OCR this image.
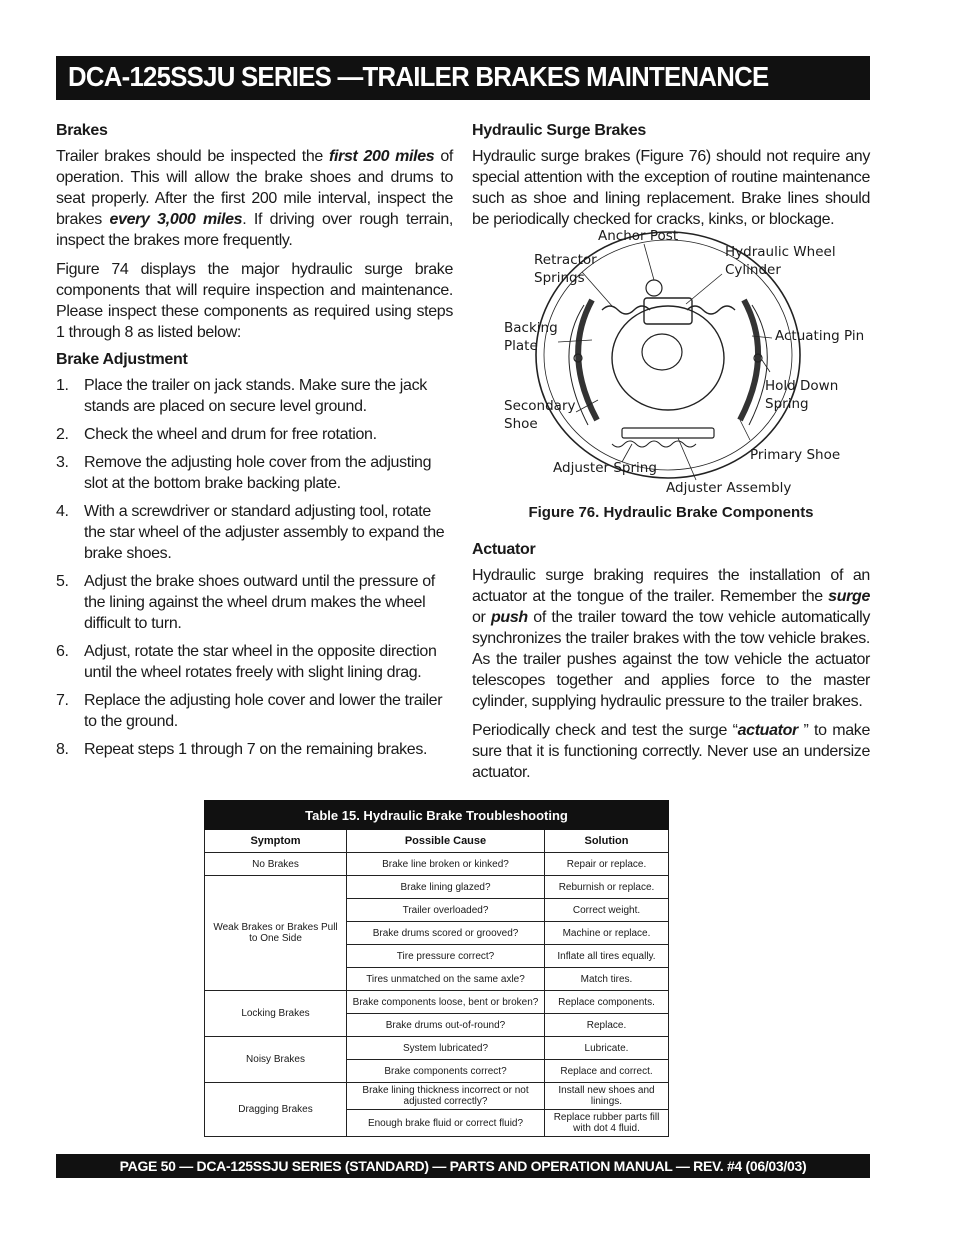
DCA-125SSJU SERIES —TRAILER BRAKES MAINTENANCE
Brakes

Trailer brakes should be inspected the first 200 miles of operation. This will allow the brake shoes and drums to seat properly. After the first 200 mile interval, inspect the brakes every 3,000 miles. If driving over rough terrain, inspect the brakes more frequently.

Figure 74 displays the major hydraulic surge brake components that will require inspection and maintenance. Please inspect these components as required using steps 1 through 8 as listed below:

Brake Adjustment
1. Place the trailer on jack stands. Make sure the jack stands are placed on secure level ground.
2. Check the wheel and drum for free rotation.
3. Remove the adjusting hole cover from the adjusting slot at the bottom brake backing plate.
4. With a screwdriver or standard adjusting tool, rotate the star wheel of the adjuster assembly to expand the brake shoes.
5. Adjust the brake shoes outward until the pressure of the lining against the wheel drum makes the wheel difficult to turn.
6. Adjust, rotate the star wheel in the opposite direction until the wheel rotates freely with slight lining drag.
7. Replace the adjusting hole cover and lower the trailer to the ground.
8. Repeat steps 1 through 7 on the remaining brakes.
Hydraulic Surge Brakes

Hydraulic surge brakes (Figure 76) should not require any special attention with the exception of routine maintenance such as shoe and lining replacement. Brake lines should be periodically checked for cracks, kinks, or blockage.

Anchor Post
Retractor
Springs
Hydraulic Wheel
Cylinder
Backing
Plate
Actuating Pin
Hold Down
Spring
Secondary
Shoe
Primary Shoe
Adjuster Spring
Adjuster Assembly
Figure 76. Hydraulic Brake Components
Actuator

Hydraulic surge braking requires the installation of an actuator at the tongue of the trailer. Remember the surge or push of the trailer toward the tow vehicle automatically synchronizes the trailer brakes with the tow vehicle brakes. As the trailer pushes against the tow vehicle the actuator telescopes together and applies force to the master cylinder, supplying hydraulic pressure to the trailer brakes.

Periodically check and test the surge “actuator ” to make sure that it is functioning correctly. Never use an undersize actuator.

Table 15. Hydraulic Brake Troubleshooting		
Symptom	Possible Cause	Solution
No Brakes	Brake line broken or kinked?	Repair or replace.
Weak Brakes or Brakes Pull to One Side	Brake lining glazed?	Reburnish or replace.
	Trailer overloaded?	Correct weight.
	Brake drums scored or grooved?	Machine or replace.
	Tire pressure correct?	Inflate all tires equally.
	Tires unmatched on the same axle?	Match tires.
Locking Brakes	Brake components loose, bent or broken?	Replace components.
	Brake drums out-of-round?	Replace.
Noisy Brakes	System lubricated?	Lubricate.
	Brake components correct?	Replace and correct.
Dragging Brakes	Brake lining thickness incorrect or not adjusted correctly?	Install new shoes and linings.
	Enough brake fluid or correct fluid?	Replace rubber parts fill with dot 4 fluid.
PAGE 50 — DCA-125SSJU SERIES (STANDARD) — PARTS AND OPERATION MANUAL — REV. #4 (06/03/03)
